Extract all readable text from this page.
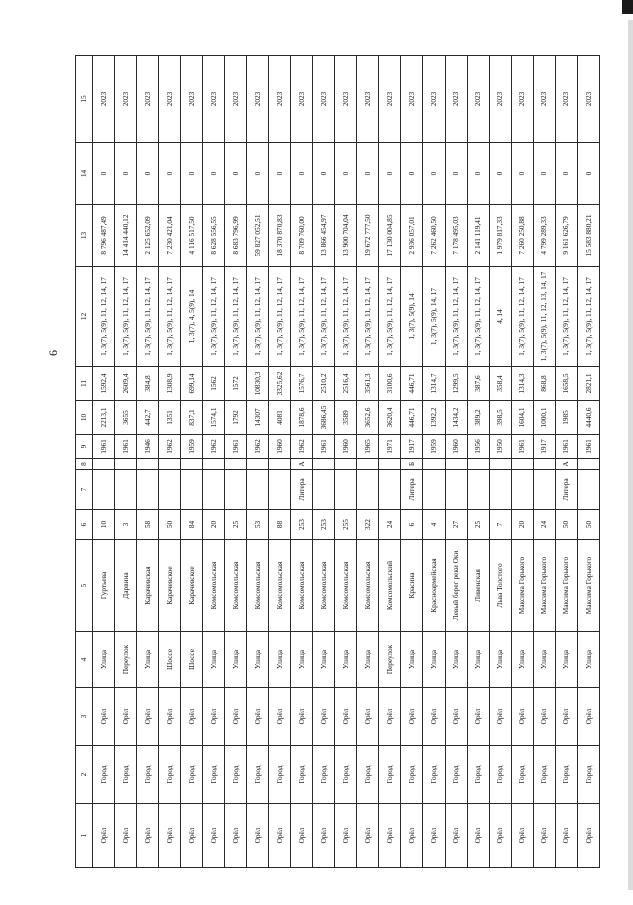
6
1	2	3	4	5	6	7	8	9	10	11	12	13	14	15
Орёл	Город	Орёл	Улица	Гуртьева	10			1961	2213,1	1592,4	1, 3(7), 5(9), 11, 12, 14, 17	8 796 487,49	0	2023
Орёл	Город	Орёл	Переулок	Дарвина	3			1961	3655	2609,4	1, 3(7), 5(9), 11, 12, 14, 17	14 414 440,12	0	2023
Орёл	Город	Орёл	Улица	Карачевская	58			1946	442,7	384,8	1, 3(7), 5(9), 11, 12, 14, 17	2 125 652,09	0	2023
Орёл	Город	Орёл	Шоссе	Карачевское	50			1962	1351	1308,9	1, 3(7), 5(9), 11, 12, 14, 17	7 230 421,04	0	2023
Орёл	Город	Орёл	Шоссе	Карачевское	84			1959	837,1	699,14	1, 3(7), 4, 5(9), 14	4 116 517,50	0	2023
Орёл	Город	Орёл	Улица	Комсомольская	20			1962	1574,1	1562	1, 3(7), 5(9), 11, 12, 14, 17	8 628 556,55	0	2023
Орёл	Город	Орёл	Улица	Комсомольская	25			1961	1792	1572	1, 3(7), 5(9), 11, 12, 14, 17	8 683 796,99	0	2023
Орёл	Город	Орёл	Улица	Комсомольская	53			1962	14307	10830,3	1, 3(7), 5(9), 11, 12, 14, 17	59 827 052,51	0	2023
Орёл	Город	Орёл	Улица	Комсомольская	88			1960	4081	3325,62	1, 3(7), 5(9), 11, 12, 14, 17	18 370 870,83	0	2023
Орёл	Город	Орёл	Улица	Комсомольская	253	Литера	А	1962	1878,6	1576,7	1, 3(7), 5(9), 11, 12, 14, 17	8 709 760,00	0	2023
Орёл	Город	Орёл	Улица	Комсомольская	253			1961	3686,45	2510,2	1, 3(7), 5(9), 11, 12, 14, 17	13 866 454,97	0	2023
Орёл	Город	Орёл	Улица	Комсомольская	255			1960	3589	2516,4	1, 3(7), 5(9), 11, 12, 14, 17	13 900 704,04	0	2023
Орёл	Город	Орёл	Улица	Комсомольская	322			1965	3652,6	3561,3	1, 3(7), 5(9), 11, 12, 14, 17	19 672 777,50	0	2023
Орёл	Город	Орёл	Переулок	Комсомольский	24			1971	3620,4	3100,6	1, 3(7), 5(9), 11, 12, 14, 17	17 130 004,85	0	2023
Орёл	Город	Орёл	Улица	Красина	6	Литера	Б	1917	446,71	446,71	1, 3(7), 5(9), 14	2 936 057,01	0	2023
Орёл	Город	Орёл	Улица	Красноармейская	4			1959	1392,2	1314,7	1, 3(7), 5(9), 14, 17	7 262 460,50	0	2023
Орёл	Город	Орёл	Улица	Левый берег реки Оки	27			1960	1434,2	1299,5	1, 3(7), 5(9), 11, 12, 14, 17	7 178 495,03	0	2023
Орёл	Город	Орёл	Улица	Ливенская	25			1956	389,2	387,6	1, 3(7), 5(9), 11, 12, 14, 17	2 141 119,41	0	2023
Орёл	Город	Орёл	Улица	Льва Толстого	7			1950	398,5	358,4	4, 14	1 979 817,33	0	2023
Орёл	Город	Орёл	Улица	Максима Горького	20			1961	1604,1	1314,3	1, 3(7), 5(9), 11, 12, 14, 17	7 260 250,88	0	2023
Орёл	Город	Орёл	Улица	Максима Горького	24			1917	1000,1	868,8	1, 3(7), 5(9), 11, 12, 13, 14, 17	4 799 289,33	0	2023
Орёл	Город	Орёл	Улица	Максима Горького	50	Литера	А	1961	1985	1658,5	1, 3(7), 5(9), 11, 12, 14, 17	9 161 626,79	0	2023
Орёл	Город	Орёл	Улица	Максима Горького	50			1961	4440,6	2821,1	1, 3(7), 5(9), 11, 12, 14, 17	15 583 880,21	0	2023
